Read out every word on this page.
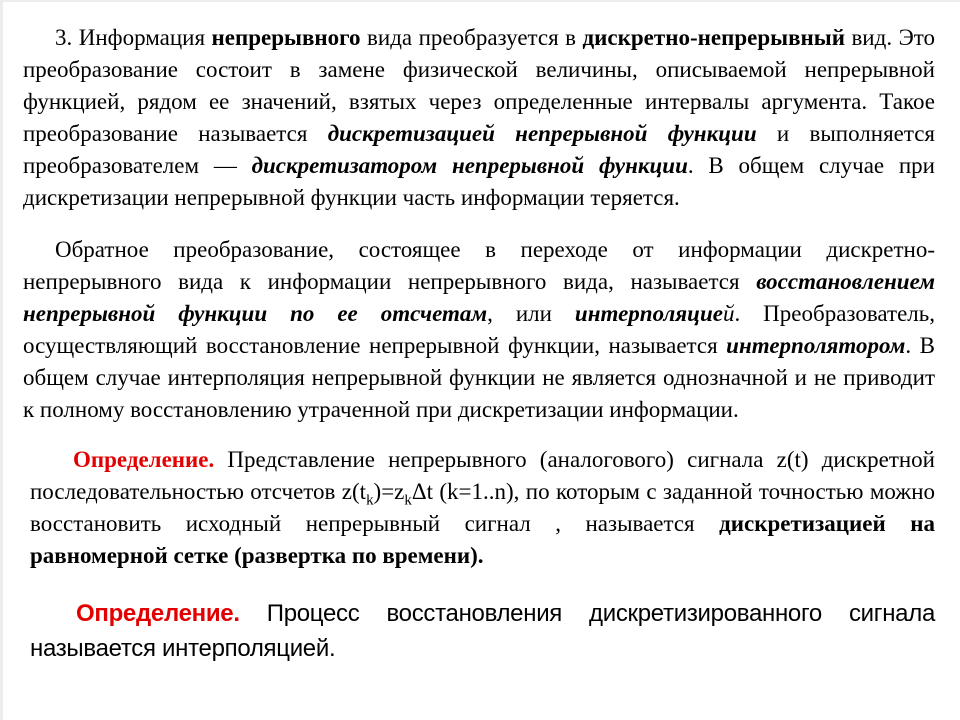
3. Информация непрерывного вида преобразуется в дискретно-непрерывный вид. Это преобразование состоит в замене физической величины, описываемой непрерывной функцией, рядом ее значений, взятых через определенные интервалы аргумента. Такое преобразование называется дискретизацией непрерывной функции и выполняется преобразователем — дискретизатором непрерывной функции. В общем случае при дискретизации непрерывной функции часть информации теряется.
Обратное преобразование, состоящее в переходе от информации дискретно-непрерывного вида к информации непрерывного вида, называется восстановлением непрерывной функции по ее отсчетам, или интерполяцией. Преобразователь, осуществляющий восстановление непрерывной функции, называется интерполятором. В общем случае интерполяция непрерывной функции не является однозначной и не приводит к полному восстановлению утраченной при дискретизации информации.
Определение. Представление непрерывного (аналогового) сигнала z(t) дискретной последовательностью отсчетов $z(t_k)=z_k\Delta t$ (k=1..n), по которым с заданной точностью можно восстановить исходный непрерывный сигнал , называется дискретизацией на равномерной сетке (развертка по времени).
Определение. Процесс восстановления дискретизированного сигнала называется интерполяцией.
